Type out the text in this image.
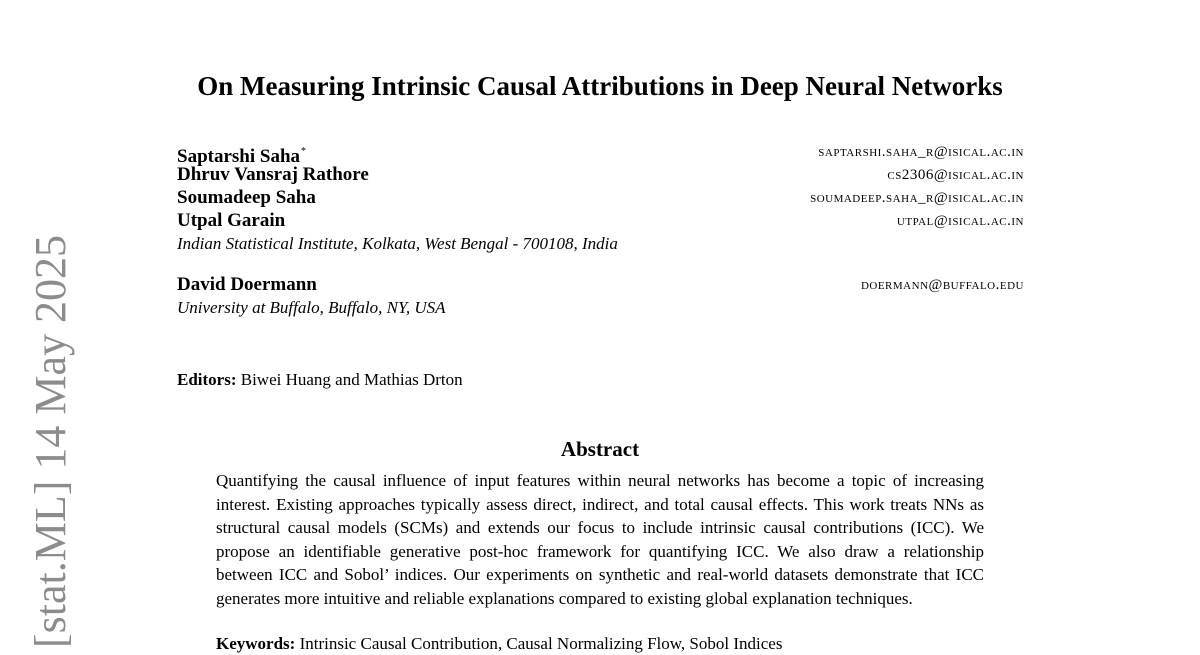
[stat.ML] 14 May 2025
On Measuring Intrinsic Causal Attributions in Deep Neural Networks
Saptarshi Saha*	saptarshi.saha_r@isical.ac.in
Dhruv Vansraj Rathore	cs2306@isical.ac.in
Soumadeep Saha	soumadeep.saha_r@isical.ac.in
Utpal Garain	utpal@isical.ac.in
Indian Statistical Institute, Kolkata, West Bengal - 700108, India
David Doermann	doermann@buffalo.edu
University at Buffalo, Buffalo, NY, USA
Editors: Biwei Huang and Mathias Drton
Abstract
Quantifying the causal influence of input features within neural networks has become a topic of increasing interest. Existing approaches typically assess direct, indirect, and total causal effects. This work treats NNs as structural causal models (SCMs) and extends our focus to include intrinsic causal contributions (ICC). We propose an identifiable generative post-hoc framework for quantifying ICC. We also draw a relationship between ICC and Sobol’ indices. Our experiments on synthetic and real-world datasets demonstrate that ICC generates more intuitive and reliable explanations compared to existing global explanation techniques.
Keywords: Intrinsic Causal Contribution, Causal Normalizing Flow, Sobol Indices
